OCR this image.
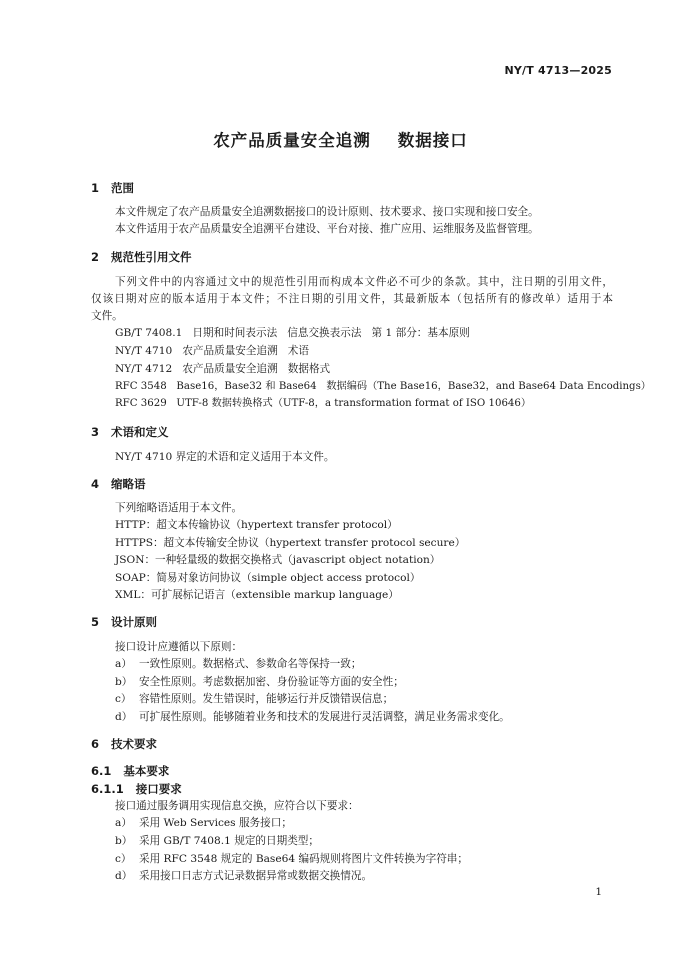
NY/T 4713—2025
农产品质量安全追溯    数据接口
1 范围
本文件规定了农产品质量安全追溯数据接口的设计原则、技术要求、接口实现和接口安全。
本文件适用于农产品质量安全追溯平台建设、平台对接、推广应用、运维服务及监督管理。
2 规范性引用文件
下列文件中的内容通过文中的规范性引用而构成本文件必不可少的条款。其中，注日期的引用文件，
仅该日期对应的版本适用于本文件；不注日期的引用文件，其最新版本（包括所有的修改单）适用于本
文件。
GB/T 7408.1   日期和时间表示法   信息交换表示法   第 1 部分：基本原则
NY/T 4710   农产品质量安全追溯   术语
NY/T 4712   农产品质量安全追溯   数据格式
RFC 3548   Base16，Base32 和 Base64   数据编码（The Base16，Base32，and Base64 Data Encodings）
RFC 3629   UTF-8 数据转换格式（UTF-8，a transformation format of ISO 10646）
3 术语和定义
NY/T 4710 界定的术语和定义适用于本文件。
4 缩略语
下列缩略语适用于本文件。
HTTP：超文本传输协议（hypertext transfer protocol）
HTTPS：超文本传输安全协议（hypertext transfer protocol secure）
JSON：一种轻量级的数据交换格式（javascript object notation）
SOAP：简易对象访问协议（simple object access protocol）
XML：可扩展标记语言（extensible markup language）
5 设计原则
接口设计应遵循以下原则：
a） 一致性原则。数据格式、参数命名等保持一致；
b） 安全性原则。考虑数据加密、身份验证等方面的安全性；
c） 容错性原则。发生错误时，能够运行并反馈错误信息；
d） 可扩展性原则。能够随着业务和技术的发展进行灵活调整，满足业务需求变化。
6 技术要求
6.1 基本要求
6.1.1 接口要求
接口通过服务调用实现信息交换，应符合以下要求：
a） 采用 Web Services 服务接口；
b） 采用 GB/T 7408.1 规定的日期类型；
c） 采用 RFC 3548 规定的 Base64 编码规则将图片文件转换为字符串；
d） 采用接口日志方式记录数据异常或数据交换情况。
1
